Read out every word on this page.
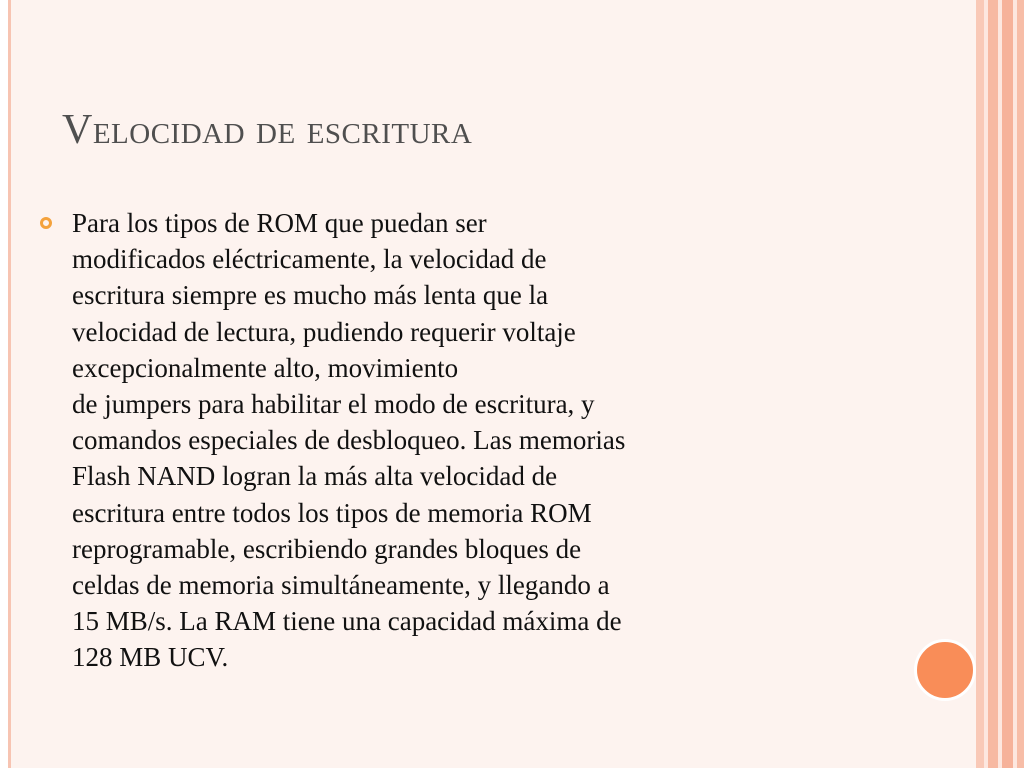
Velocidad de escritura

Para los tipos de ROM que puedan ser
modificados eléctricamente, la velocidad de
escritura siempre es mucho más lenta que la
velocidad de lectura, pudiendo requerir voltaje
excepcionalmente alto, movimiento
de jumpers para habilitar el modo de escritura, y
comandos especiales de desbloqueo. Las memorias
Flash NAND logran la más alta velocidad de
escritura entre todos los tipos de memoria ROM
reprogramable, escribiendo grandes bloques de
celdas de memoria simultáneamente, y llegando a
15 MB/s. La RAM tiene una capacidad máxima de
128 MB UCV.
